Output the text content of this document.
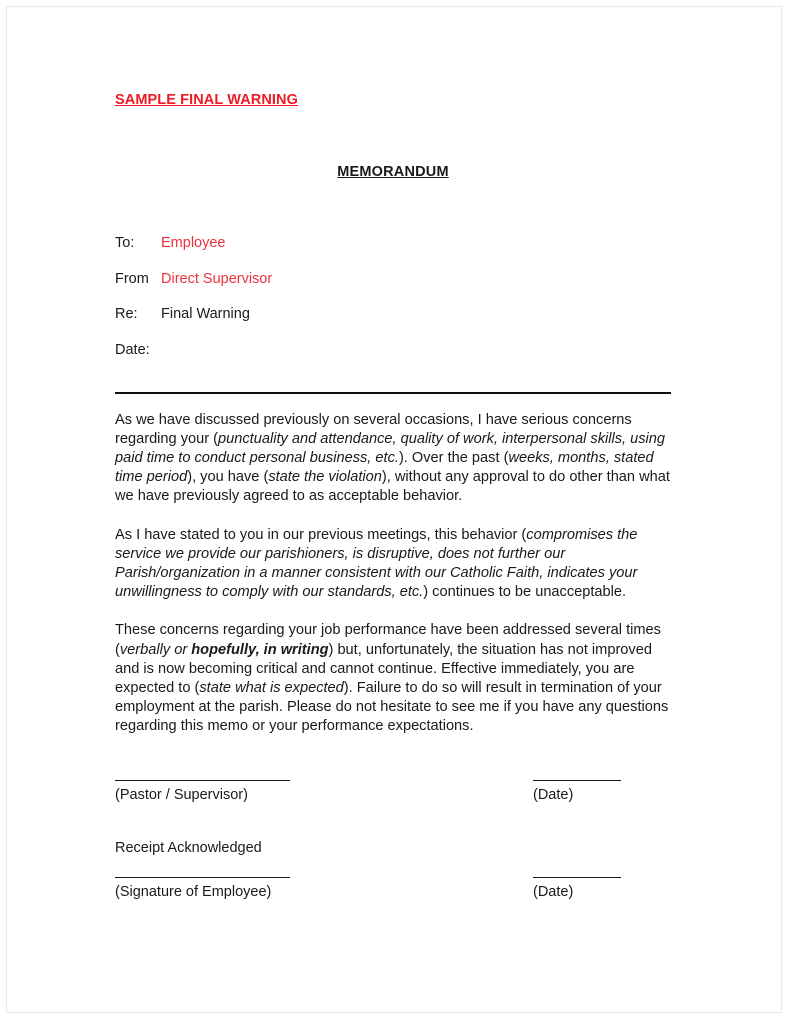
SAMPLE FINAL WARNING
MEMORANDUM
To: Employee
From Direct Supervisor
Re: Final Warning
Date:

As we have discussed previously on several occasions, I have serious concerns regarding your (punctuality and attendance, quality of work, interpersonal skills, using paid time to conduct personal business, etc.). Over the past (weeks, months, stated time period), you have (state the violation), without any approval to do other than what we have previously agreed to as acceptable behavior.

As I have stated to you in our previous meetings, this behavior (compromises the service we provide our parishioners, is disruptive, does not further our Parish/organization in a manner consistent with our Catholic Faith, indicates your unwillingness to comply with our standards, etc.) continues to be unacceptable.

These concerns regarding your job performance have been addressed several times (verbally or hopefully, in writing) but, unfortunately, the situation has not improved and is now becoming critical and cannot continue. Effective immediately, you are expected to (state what is expected). Failure to do so will result in termination of your employment at the parish. Please do not hesitate to see me if you have any questions regarding this memo or your performance expectations.

(Pastor / Supervisor)	(Date)
Receipt Acknowledged
(Signature of Employee)	(Date)
